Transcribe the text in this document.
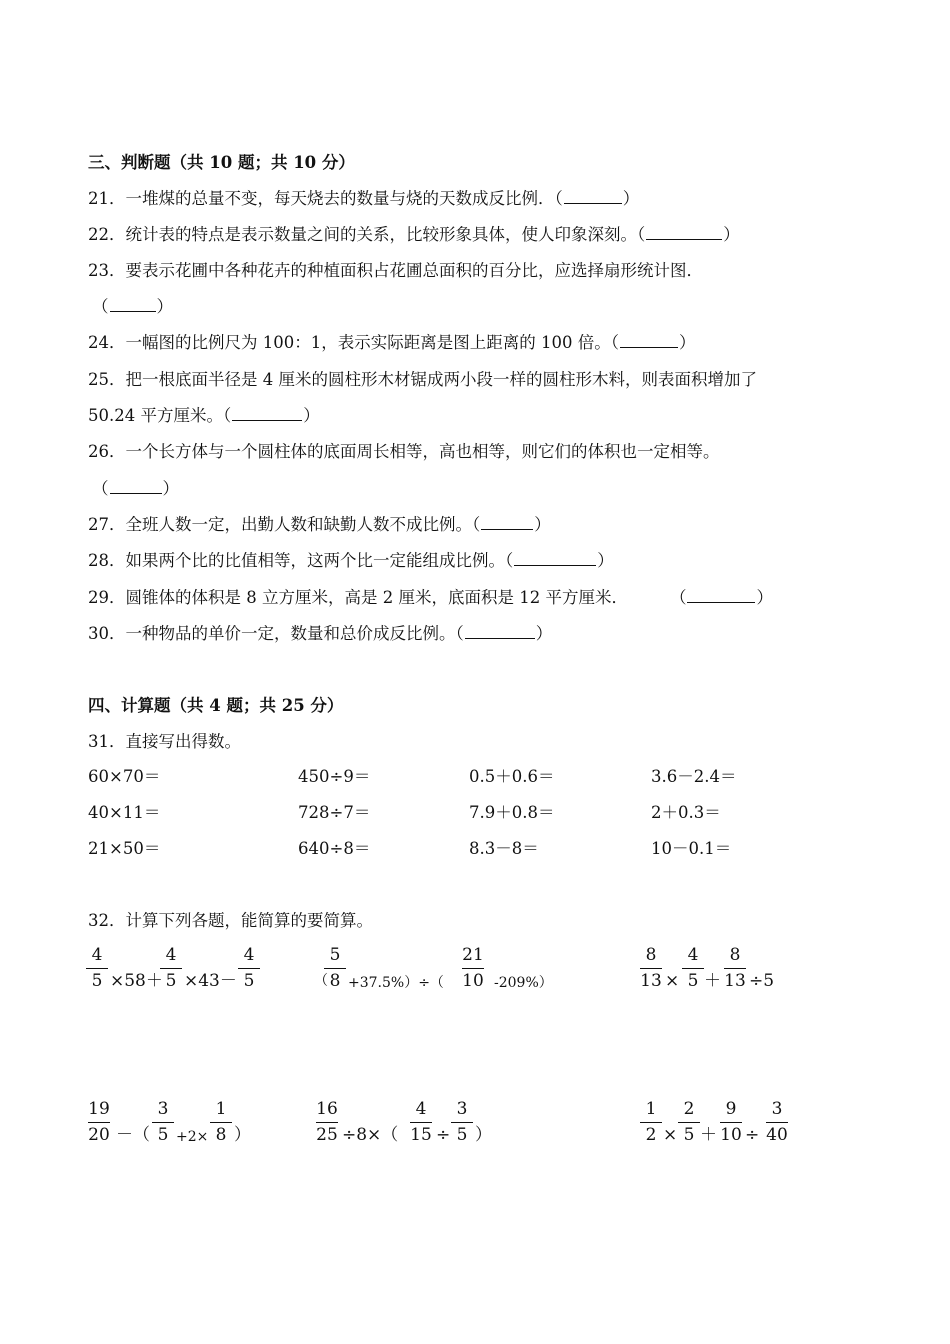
三、判断题（共 10 题；共 10 分）
21．一堆煤的总量不变，每天烧去的数量与烧的天数成反比例．（	）
22．统计表的特点是表示数量之间的关系，比较形象具体，使人印象深刻。（	）
23．要表示花圃中各种花卉的种植面积占花圃总面积的百分比，应选择扇形统计图．
（	）
24．一幅图的比例尺为 100：1，表示实际距离是图上距离的 100 倍。（	）
25．把一根底面半径是 4 厘米的圆柱形木材锯成两小段一样的圆柱形木料，则表面积增加了
50.24 平方厘米。（	）
26．一个长方体与一个圆柱体的底面周长相等，高也相等，则它们的体积也一定相等。
（	）
27．全班人数一定，出勤人数和缺勤人数不成比例。（	）
28．如果两个比的比值相等，这两个比一定能组成比例。（	）
29．圆锥体的体积是 8 立方厘米，高是 2 厘米，底面积是 12 平方厘米．	（	）
30．一种物品的单价一定，数量和总价成反比例。（	）
四、计算题（共 4 题；共 25 分）
31．直接写出得数。
60×70＝	450÷9＝	0.5＋0.6＝	3.6－2.4＝
40×11＝	728÷7＝	7.9＋0.8＝	2＋0.3＝
21×50＝	640÷8＝	8.3－8＝	10－0.1＝
32．计算下列各题，能简算的要简算。
4
5 ×58＋
4
5 ×43－
4
5	（
5
8 +37.5%）÷（
21
10 -209%）
8
13 ×
4
5 ＋
8
13 ÷5
19
20 －（
3
5 +2×
1
8 ）
16
25 ÷8×（
4
15 ÷
3
5 ）
1
2 ×
2
5 ＋
9
10 ÷
3
40
